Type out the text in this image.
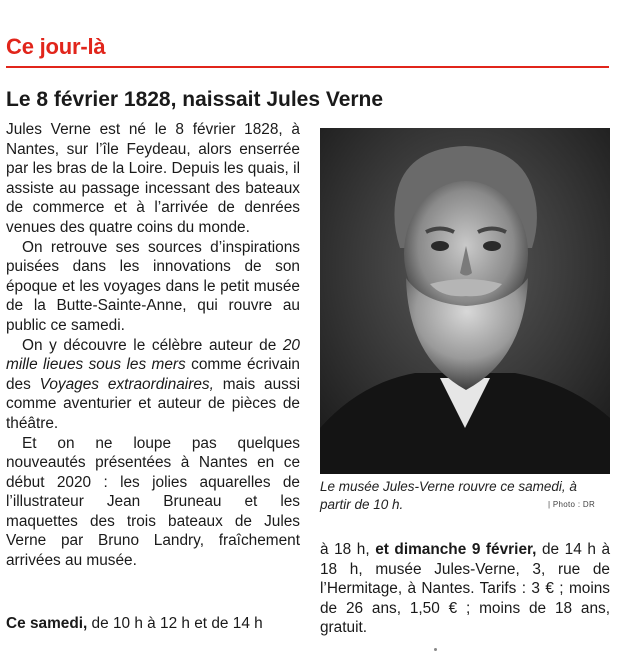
Ce jour-là
Le 8 février 1828, naissait Jules Verne

Jules Verne est né le 8 février 1828, à Nantes, sur l’île Feydeau, alors enserrée par les bras de la Loire. Depuis les quais, il assiste au passage incessant des bateaux de commerce et à l’arrivée de denrées venues des quatre coins du monde.

On retrouve ses sources d’inspirations puisées dans les innovations de son époque et les voyages dans le petit musée de la Butte-Sainte-Anne, qui rouvre au public ce samedi.

On y découvre le célèbre auteur de 20 mille lieues sous les mers comme écrivain des Voyages extraordinaires, mais aussi comme aventurier et auteur de pièces de théâtre.

Et on ne loupe pas quelques nouveautés présentées à Nantes en ce début 2020 : les jolies aquarelles de l’illustrateur Jean Bruneau et les maquettes des trois bateaux de Jules Verne par Bruno Landry, fraîchement arrivées au musée.

Le musée Jules-Verne rouvre ce samedi, à partir de 10 h.	| Photo : DR
Ce samedi, de 10 h à 12 h et de 14 h
à 18 h, et dimanche 9 février, de 14 h à 18 h, musée Jules-Verne, 3, rue de l’Hermitage, à Nantes. Tarifs : 3 € ; moins de 26 ans, 1,50 € ; moins de 18 ans, gratuit.
